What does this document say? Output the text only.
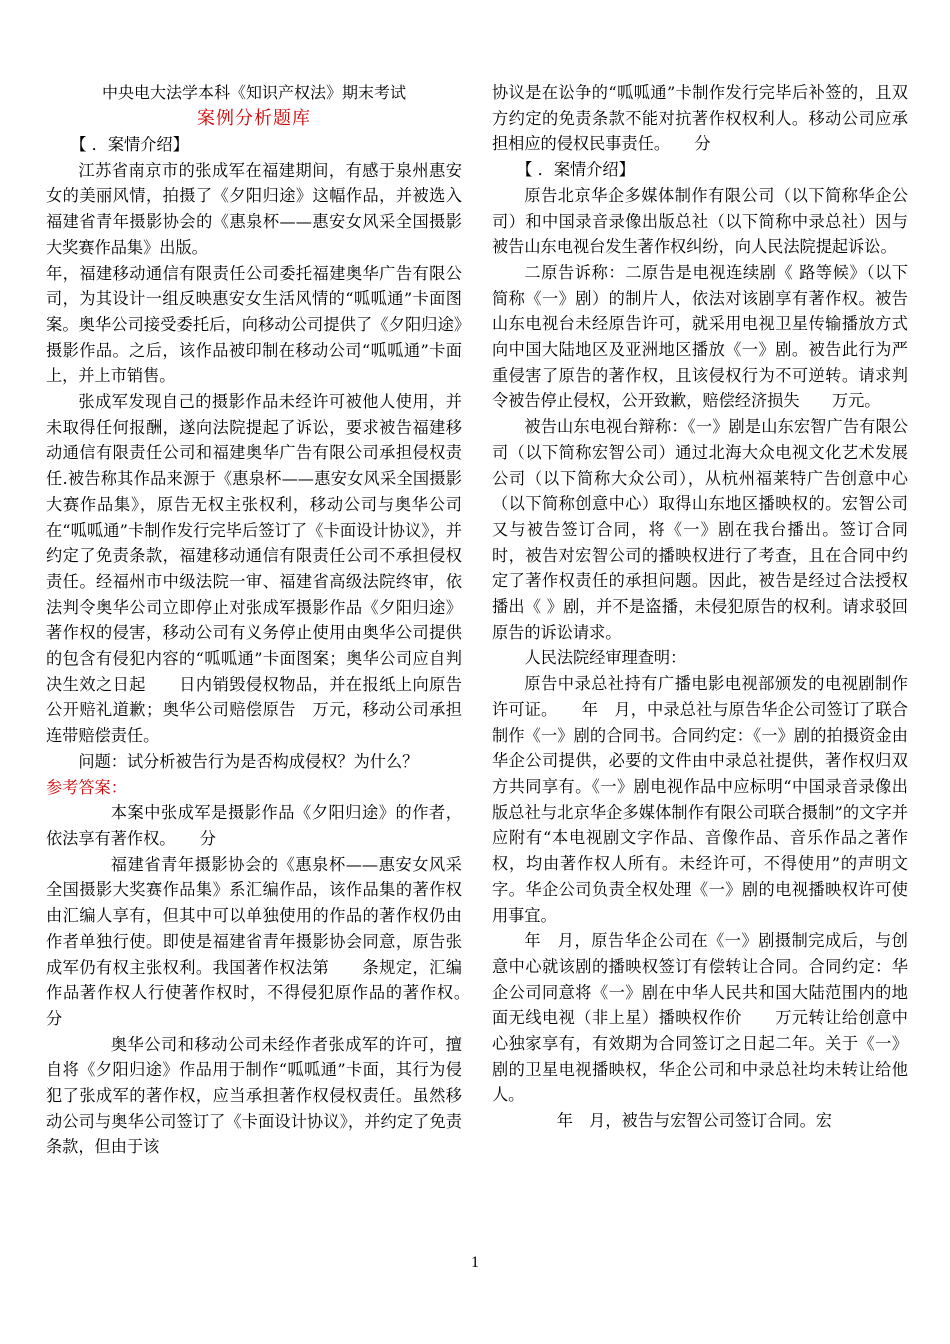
中央电大法学本科《知识产权法》期末考试

案例分析题库

【 ．案情介绍】

江苏省南京市的张成军在福建期间，有感于泉州惠安女的美丽风情，拍摄了《夕阳归途》这幅作品，并被选入福建省青年摄影协会的《惠泉杯——惠安女风采全国摄影大奖赛作品集》出版。

年，福建移动通信有限责任公司委托福建奥华广告有限公司，为其设计一组反映惠安女生活风情的“呱呱通”卡面图案。奥华公司接受委托后，向移动公司提供了《夕阳归途》摄影作品。之后，该作品被印制在移动公司“呱呱通”卡面上，并上市销售。

张成军发现自己的摄影作品未经许可被他人使用，并未取得任何报酬，遂向法院提起了诉讼，要求被告福建移动通信有限责任公司和福建奥华广告有限公司承担侵权责任.被告称其作品来源于《惠泉杯——惠安女风采全国摄影大赛作品集》，原告无权主张权利，移动公司与奥华公司在“呱呱通”卡制作发行完毕后签订了《卡面设计协议》，并约定了免责条款，福建移动通信有限责任公司不承担侵权责任。经福州市中级法院一审、福建省高级法院终审，依法判令奥华公司立即停止对张成军摄影作品《夕阳归途》著作权的侵害，移动公司有义务停止使用由奥华公司提供的包含有侵犯内容的“呱呱通”卡面图案；奥华公司应自判决生效之日起　　日内销毁侵权物品，并在报纸上向原告公开赔礼道歉；奥华公司赔偿原告　万元，移动公司承担连带赔偿责任。

问题：试分析被告行为是否构成侵权？为什么？

参考答案：

本案中张成军是摄影作品《夕阳归途》的作者，依法享有著作权。　　分

福建省青年摄影协会的《惠泉杯——惠安女风采全国摄影大奖赛作品集》系汇编作品，该作品集的著作权由汇编人享有，但其中可以单独使用的作品的著作权仍由作者单独行使。即使是福建省青年摄影协会同意，原告张成军仍有权主张权利。我国著作权法第　　条规定，汇编作品著作权人行使著作权时，不得侵犯原作品的著作权。　　分

奥华公司和移动公司未经作者张成军的许可，擅自将《夕阳归途》作品用于制作“呱呱通”卡面，其行为侵犯了张成军的著作权，应当承担著作权侵权责任。虽然移动公司与奥华公司签订了《卡面设计协议》，并约定了免责条款，但由于该

协议是在讼争的“呱呱通”卡制作发行完毕后补签的，且双方约定的免责条款不能对抗著作权权利人。移动公司应承担相应的侵权民事责任。　　分

【 ．案情介绍】

原告北京华企多媒体制作有限公司（以下简称华企公司）和中国录音录像出版总社（以下简称中录总社）因与被告山东电视台发生著作权纠纷，向人民法院提起诉讼。

二原告诉称：二原告是电视连续剧《 路等候》（以下简称《一》剧）的制片人，依法对该剧享有著作权。被告山东电视台未经原告许可，就采用电视卫星传输播放方式向中国大陆地区及亚洲地区播放《一》剧。被告此行为严重侵害了原告的著作权，且该侵权行为不可逆转。请求判令被告停止侵权，公开致歉，赔偿经济损失　　万元。

被告山东电视台辩称：《一》剧是山东宏智广告有限公司（以下简称宏智公司）通过北海大众电视文化艺术发展公司（以下简称大众公司），从杭州福莱特广告创意中心（以下简称创意中心）取得山东地区播映权的。宏智公司又与被告签订合同，将《一》剧在我台播出。签订合同时，被告对宏智公司的播映权进行了考查，且在合同中约定了著作权责任的承担问题。因此，被告是经过合法授权播出《 》剧，并不是盗播，未侵犯原告的权利。请求驳回原告的诉讼请求。

人民法院经审理查明：

原告中录总社持有广播电影电视部颁发的电视剧制作许可证。　　年　月，中录总社与原告华企公司签订了联合制作《一》剧的合同书。合同约定：《一》剧的拍摄资金由华企公司提供，必要的文件由中录总社提供，著作权归双方共同享有。《一》剧电视作品中应标明“中国录音录像出版总社与北京华企多媒体制作有限公司联合摄制”的文字并应附有“本电视剧文字作品、音像作品、音乐作品之著作权，均由著作权人所有。未经许可，不得使用”的声明文字。华企公司负责全权处理《一》剧的电视播映权许可使用事宜。

年　月，原告华企公司在《一》剧摄制完成后，与创意中心就该剧的播映权签订有偿转让合同。合同约定：华企公司同意将《一》剧在中华人民共和国大陆范围内的地面无线电视（非上星）播映权作价　　万元转让给创意中心独家享有，有效期为合同签订之日起二年。关于《一》剧的卫星电视播映权，华企公司和中录总社均未转让给他人。

年　月，被告与宏智公司签订合同。宏

1
